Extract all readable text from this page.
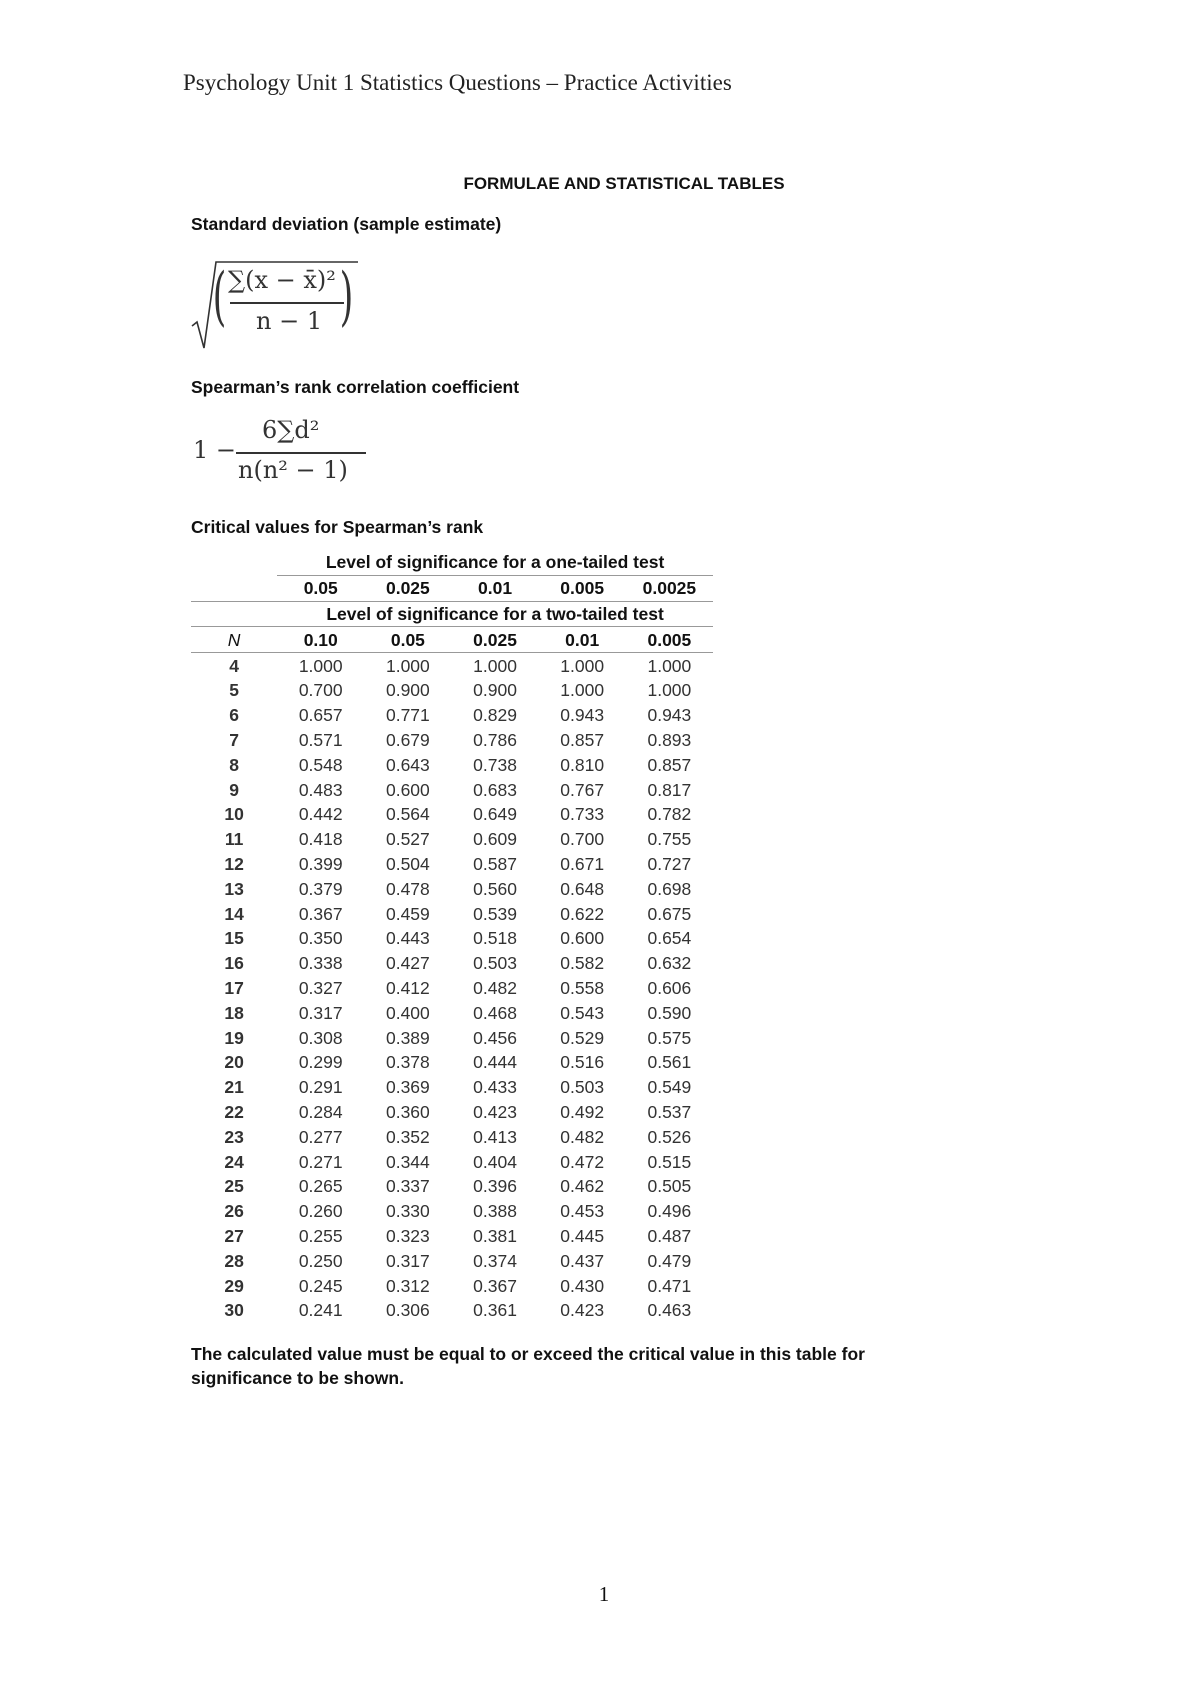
Psychology Unit 1 Statistics Questions – Practice Activities
FORMULAE AND STATISTICAL TABLES
Standard deviation (sample estimate)
( ∑(x − x̄)²
n − 1 )
Spearman’s rank correlation coefficient
1 −
6∑d²
n(n² − 1)
Critical values for Spearman’s rank
	Level of significance for a one-tailed test				
	0.05	0.025	0.01	0.005	0.0025
	Level of significance for a two-tailed test				
N	0.10	0.05	0.025	0.01	0.005
4	1.000	1.000	1.000	1.000	1.000
5	0.700	0.900	0.900	1.000	1.000
6	0.657	0.771	0.829	0.943	0.943
7	0.571	0.679	0.786	0.857	0.893
8	0.548	0.643	0.738	0.810	0.857
9	0.483	0.600	0.683	0.767	0.817
10	0.442	0.564	0.649	0.733	0.782
11	0.418	0.527	0.609	0.700	0.755
12	0.399	0.504	0.587	0.671	0.727
13	0.379	0.478	0.560	0.648	0.698
14	0.367	0.459	0.539	0.622	0.675
15	0.350	0.443	0.518	0.600	0.654
16	0.338	0.427	0.503	0.582	0.632
17	0.327	0.412	0.482	0.558	0.606
18	0.317	0.400	0.468	0.543	0.590
19	0.308	0.389	0.456	0.529	0.575
20	0.299	0.378	0.444	0.516	0.561
21	0.291	0.369	0.433	0.503	0.549
22	0.284	0.360	0.423	0.492	0.537
23	0.277	0.352	0.413	0.482	0.526
24	0.271	0.344	0.404	0.472	0.515
25	0.265	0.337	0.396	0.462	0.505
26	0.260	0.330	0.388	0.453	0.496
27	0.255	0.323	0.381	0.445	0.487
28	0.250	0.317	0.374	0.437	0.479
29	0.245	0.312	0.367	0.430	0.471
30	0.241	0.306	0.361	0.423	0.463
The calculated value must be equal to or exceed the critical value in this table for significance to be shown.
1
